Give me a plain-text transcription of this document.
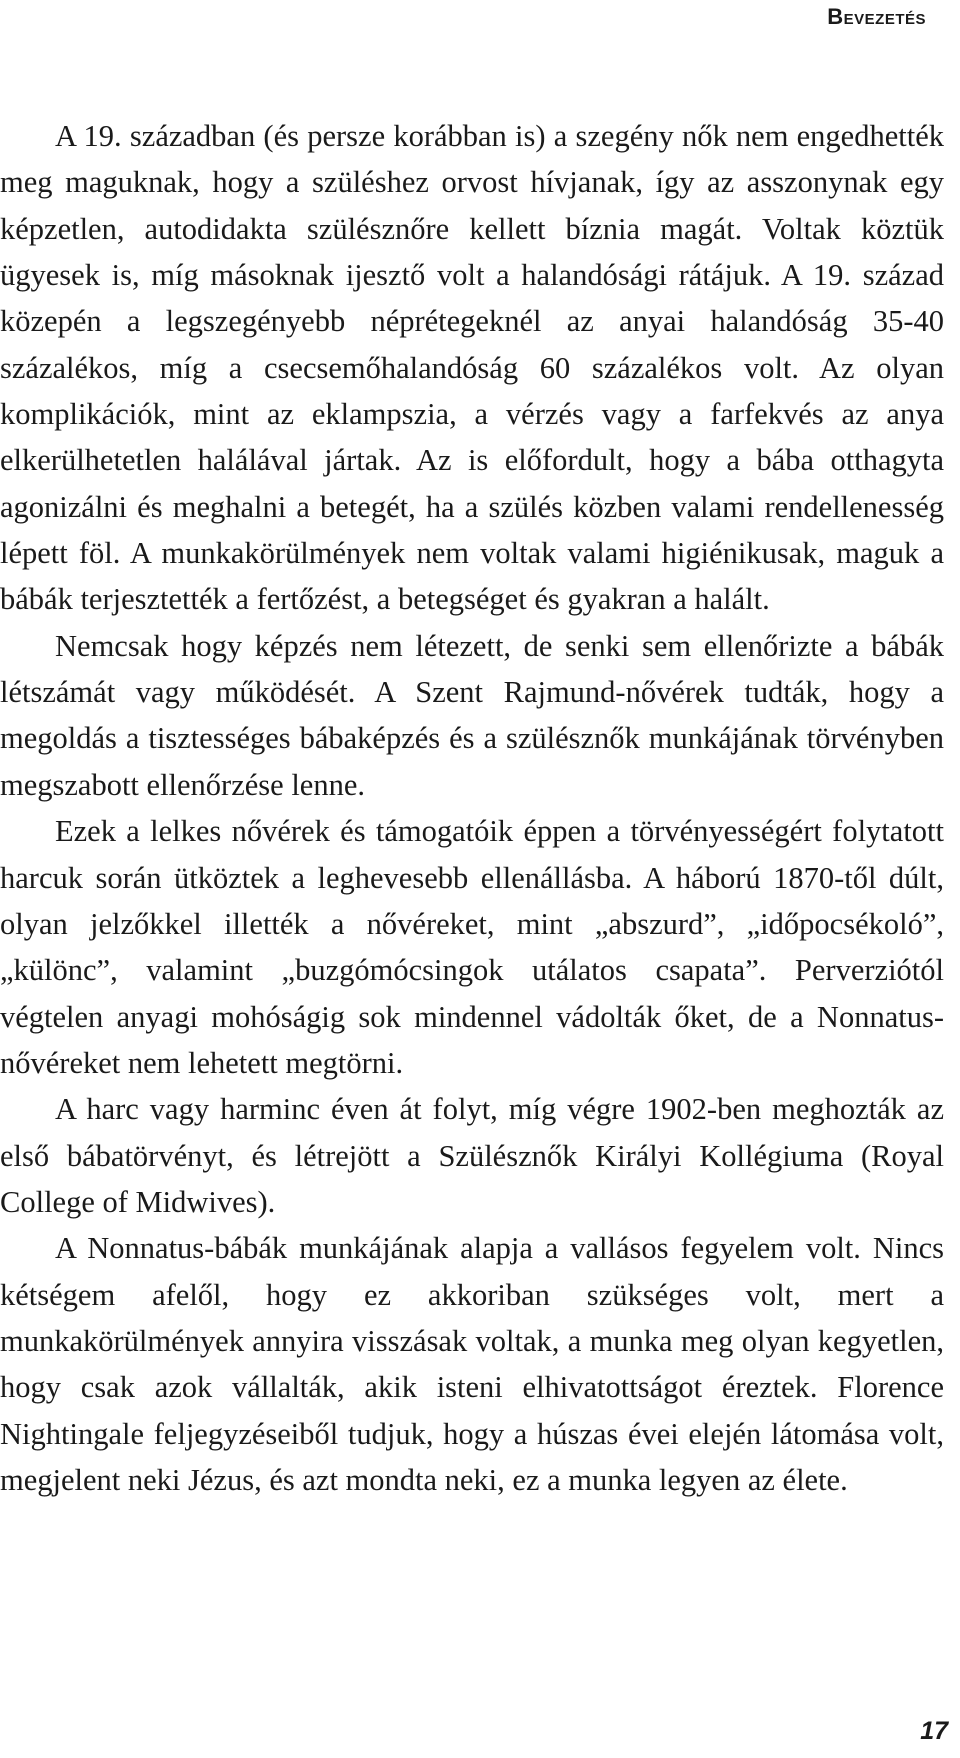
Bevezetés

A 19. században (és persze korábban is) a szegény nők nem engedhették meg maguknak, hogy a szüléshez orvost hívjanak, így az asszonynak egy képzetlen, autodidakta szülésznőre kellett bíznia magát. Voltak köztük ügyesek is, míg másoknak ijesztő volt a halandósági rátájuk. A 19. század közepén a legszegényebb néprétegeknél az anyai halandóság 35-40 százalékos, míg a csecsemőhalandóság 60 százalékos volt. Az olyan komplikációk, mint az eklampszia, a vérzés vagy a farfekvés az anya elkerülhetetlen halálával jártak. Az is előfordult, hogy a bába otthagyta agonizálni és meghalni a betegét, ha a szülés közben valami rendellenesség lépett föl. A munkakörülmények nem voltak valami higiénikusak, maguk a bábák terjesztették a fertőzést, a betegséget és gyakran a halált.

Nemcsak hogy képzés nem létezett, de senki sem ellenőrizte a bábák létszámát vagy működését. A Szent Rajmund-nővérek tudták, hogy a megoldás a tisztességes bábaképzés és a szülésznők munkájának törvényben megszabott ellenőrzése lenne.

Ezek a lelkes nővérek és támogatóik éppen a törvényességért folytatott harcuk során ütköztek a leghevesebb ellenállásba. A háború 1870-től dúlt, olyan jelzőkkel illették a nővéreket, mint „abszurd”, „időpocsékoló”, „különc”, valamint „buzgómócsingok utálatos csapata”. Perverziótól végtelen anyagi mohóságig sok mindennel vádolták őket, de a Nonnatus-nővéreket nem lehetett megtörni.

A harc vagy harminc éven át folyt, míg végre 1902-ben meghozták az első bábatörvényt, és létrejött a Szülésznők Királyi Kollégiuma (Royal College of Midwives).

A Nonnatus-bábák munkájának alapja a vallásos fegyelem volt. Nincs kétségem afelől, hogy ez akkoriban szükséges volt, mert a munkakörülmények annyira visszásak voltak, a munka meg olyan kegyetlen, hogy csak azok vállalták, akik isteni elhivatottságot éreztek. Florence Nightingale feljegyzéseiből tudjuk, hogy a húszas évei elején látomása volt, megjelent neki Jézus, és azt mondta neki, ez a munka legyen az élete.

17
